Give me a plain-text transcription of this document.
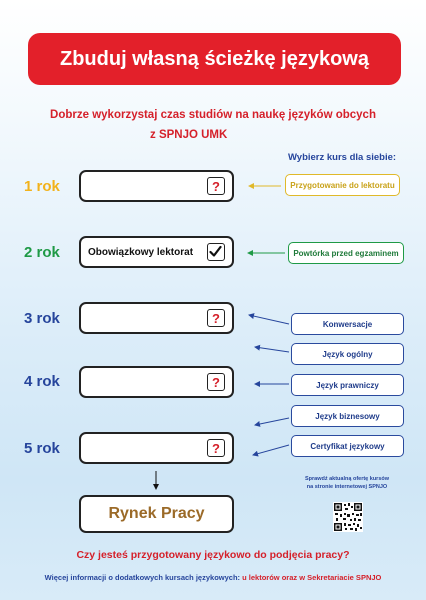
Zbuduj własną ścieżkę językową
Dobrze wykorzystaj czas studiów na naukę języków obcych
z SPNJO UMK
Wybierz kurs dla siebie:
1 rok
2 rok
3 rok
4 rok
5 rok
?
Obowiązkowy lektorat
?
?
?
Przygotowanie do lektoratu
Powtórka przed egzaminem
Konwersacje
Język ogólny
Język prawniczy
Język biznesowy
Certyfikat językowy
Rynek Pracy
Sprawdź aktualną ofertę kursów
na stronie internetowej SPNJO
Czy jesteś przygotowany językowo do podjęcia pracy?
Więcej informacji o dodatkowych kursach językowych: u lektorów oraz w Sekretariacie SPNJO
